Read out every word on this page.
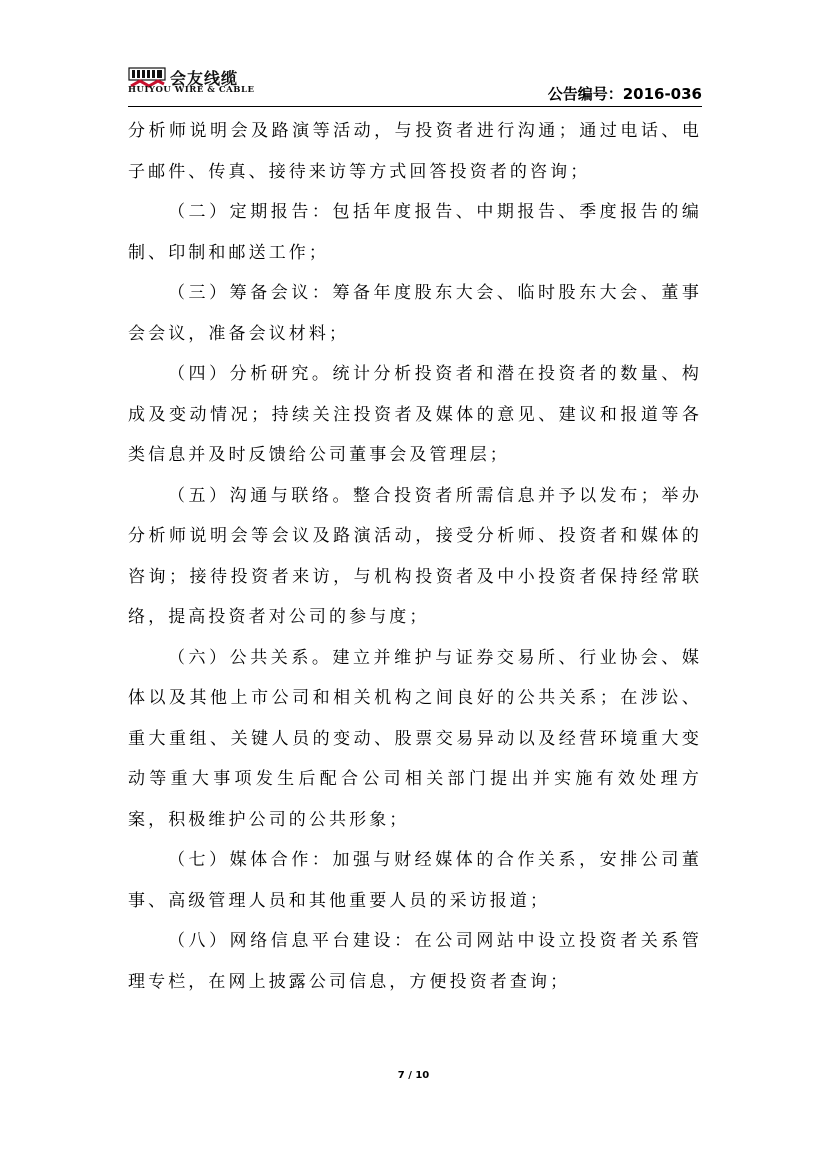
会友线缆
HUIYOU WIRE & CABLE	公告编号：2016-036

分析师说明会及路演等活动，与投资者进行沟通；通过电话、电子邮件、传真、接待来访等方式回答投资者的咨询；

（二）定期报告：包括年度报告、中期报告、季度报告的编制、印制和邮送工作；

（三）筹备会议：筹备年度股东大会、临时股东大会、董事会会议，准备会议材料；

（四）分析研究。统计分析投资者和潜在投资者的数量、构成及变动情况；持续关注投资者及媒体的意见、建议和报道等各类信息并及时反馈给公司董事会及管理层；

（五）沟通与联络。整合投资者所需信息并予以发布；举办分析师说明会等会议及路演活动，接受分析师、投资者和媒体的咨询；接待投资者来访，与机构投资者及中小投资者保持经常联络，提高投资者对公司的参与度；

（六）公共关系。建立并维护与证券交易所、行业协会、媒体以及其他上市公司和相关机构之间良好的公共关系；在涉讼、重大重组、关键人员的变动、股票交易异动以及经营环境重大变动等重大事项发生后配合公司相关部门提出并实施有效处理方案，积极维护公司的公共形象；

（七）媒体合作：加强与财经媒体的合作关系，安排公司董事、高级管理人员和其他重要人员的采访报道；

（八）网络信息平台建设：在公司网站中设立投资者关系管理专栏，在网上披露公司信息，方便投资者查询；

7 / 10
